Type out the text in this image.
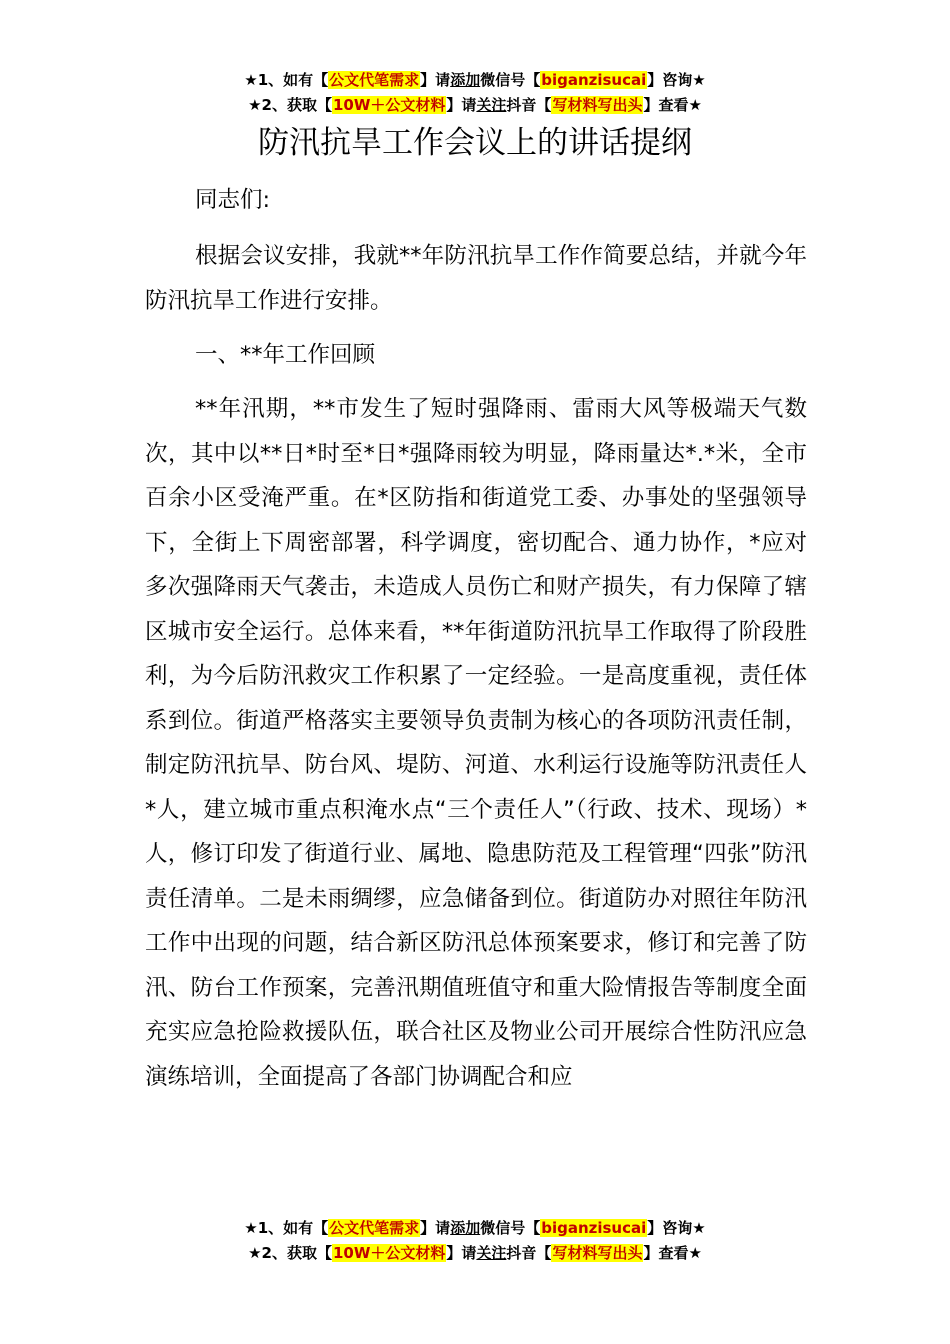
★1、如有【公文代笔需求】请添加微信号【biganzisucai】咨询★
★2、获取【10W＋公文材料】请关注抖音【写材料写出头】查看★
防汛抗旱工作会议上的讲话提纲

同志们:

根据会议安排，我就**年防汛抗旱工作作简要总结，并就今年防汛抗旱工作进行安排。

一、**年工作回顾

**年汛期，**市发生了短时强降雨、雷雨大风等极端天气数次，其中以**日*时至*日*强降雨较为明显，降雨量达*.*米，全市百余小区受淹严重。在*区防指和街道党工委、办事处的坚强领导下，全街上下周密部署，科学调度，密切配合、通力协作，*应对多次强降雨天气袭击，未造成人员伤亡和财产损失，有力保障了辖区城市安全运行。总体来看，**年街道防汛抗旱工作取得了阶段胜利，为今后防汛救灾工作积累了一定经验。一是高度重视，责任体系到位。街道严格落实主要领导负责制为核心的各项防汛责任制，制定防汛抗旱、防台风、堤防、河道、水利运行设施等防汛责任人*人，建立城市重点积淹水点“三个责任人”（行政、技术、现场）*人，修订印发了街道行业、属地、隐患防范及工程管理“四张”防汛责任清单。二是未雨绸缪，应急储备到位。街道防办对照往年防汛工作中出现的问题，结合新区防汛总体预案要求，修订和完善了防汛、防台工作预案，完善汛期值班值守和重大险情报告等制度全面充实应急抢险救援队伍，联合社区及物业公司开展综合性防汛应急演练培训，全面提高了各部门协调配合和应

★1、如有【公文代笔需求】请添加微信号【biganzisucai】咨询★
★2、获取【10W＋公文材料】请关注抖音【写材料写出头】查看★
